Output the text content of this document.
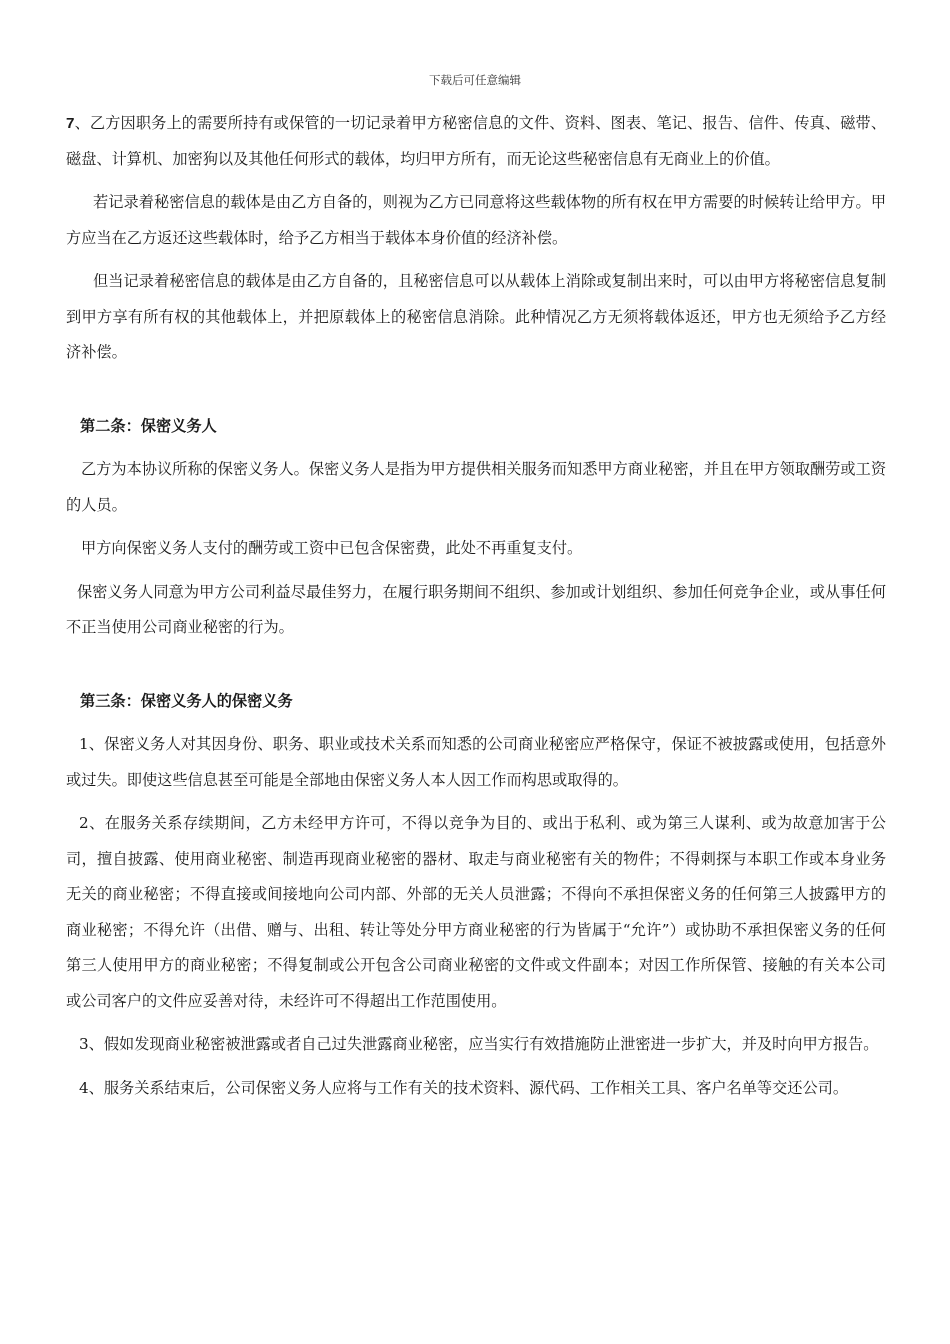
下载后可任意编辑

7、乙方因职务上的需要所持有或保管的一切记录着甲方秘密信息的文件、资料、图表、笔记、报告、信件、传真、磁带、磁盘、计算机、加密狗以及其他任何形式的载体，均归甲方所有，而无论这些秘密信息有无商业上的价值。

若记录着秘密信息的载体是由乙方自备的，则视为乙方已同意将这些载体物的所有权在甲方需要的时候转让给甲方。甲方应当在乙方返还这些载体时，给予乙方相当于载体本身价值的经济补偿。

但当记录着秘密信息的载体是由乙方自备的，且秘密信息可以从载体上消除或复制出来时，可以由甲方将秘密信息复制到甲方享有所有权的其他载体上，并把原载体上的秘密信息消除。此种情况乙方无须将载体返还，甲方也无须给予乙方经济补偿。

第二条：保密义务人

乙方为本协议所称的保密义务人。保密义务人是指为甲方提供相关服务而知悉甲方商业秘密，并且在甲方领取酬劳或工资的人员。

甲方向保密义务人支付的酬劳或工资中已包含保密费，此处不再重复支付。

保密义务人同意为甲方公司利益尽最佳努力，在履行职务期间不组织、参加或计划组织、参加任何竞争企业，或从事任何不正当使用公司商业秘密的行为。

第三条：保密义务人的保密义务

1、保密义务人对其因身份、职务、职业或技术关系而知悉的公司商业秘密应严格保守，保证不被披露或使用，包括意外或过失。即使这些信息甚至可能是全部地由保密义务人本人因工作而构思或取得的。

2、在服务关系存续期间，乙方未经甲方许可，不得以竞争为目的、或出于私利、或为第三人谋利、或为故意加害于公司，擅自披露、使用商业秘密、制造再现商业秘密的器材、取走与商业秘密有关的物件；不得刺探与本职工作或本身业务无关的商业秘密；不得直接或间接地向公司内部、外部的无关人员泄露；不得向不承担保密义务的任何第三人披露甲方的商业秘密；不得允许（出借、赠与、出租、转让等处分甲方商业秘密的行为皆属于“允许”）或协助不承担保密义务的任何第三人使用甲方的商业秘密；不得复制或公开包含公司商业秘密的文件或文件副本；对因工作所保管、接触的有关本公司或公司客户的文件应妥善对待，未经许可不得超出工作范围使用。

3、假如发现商业秘密被泄露或者自己过失泄露商业秘密，应当实行有效措施防止泄密进一步扩大，并及时向甲方报告。

4、服务关系结束后，公司保密义务人应将与工作有关的技术资料、源代码、工作相关工具、客户名单等交还公司。
